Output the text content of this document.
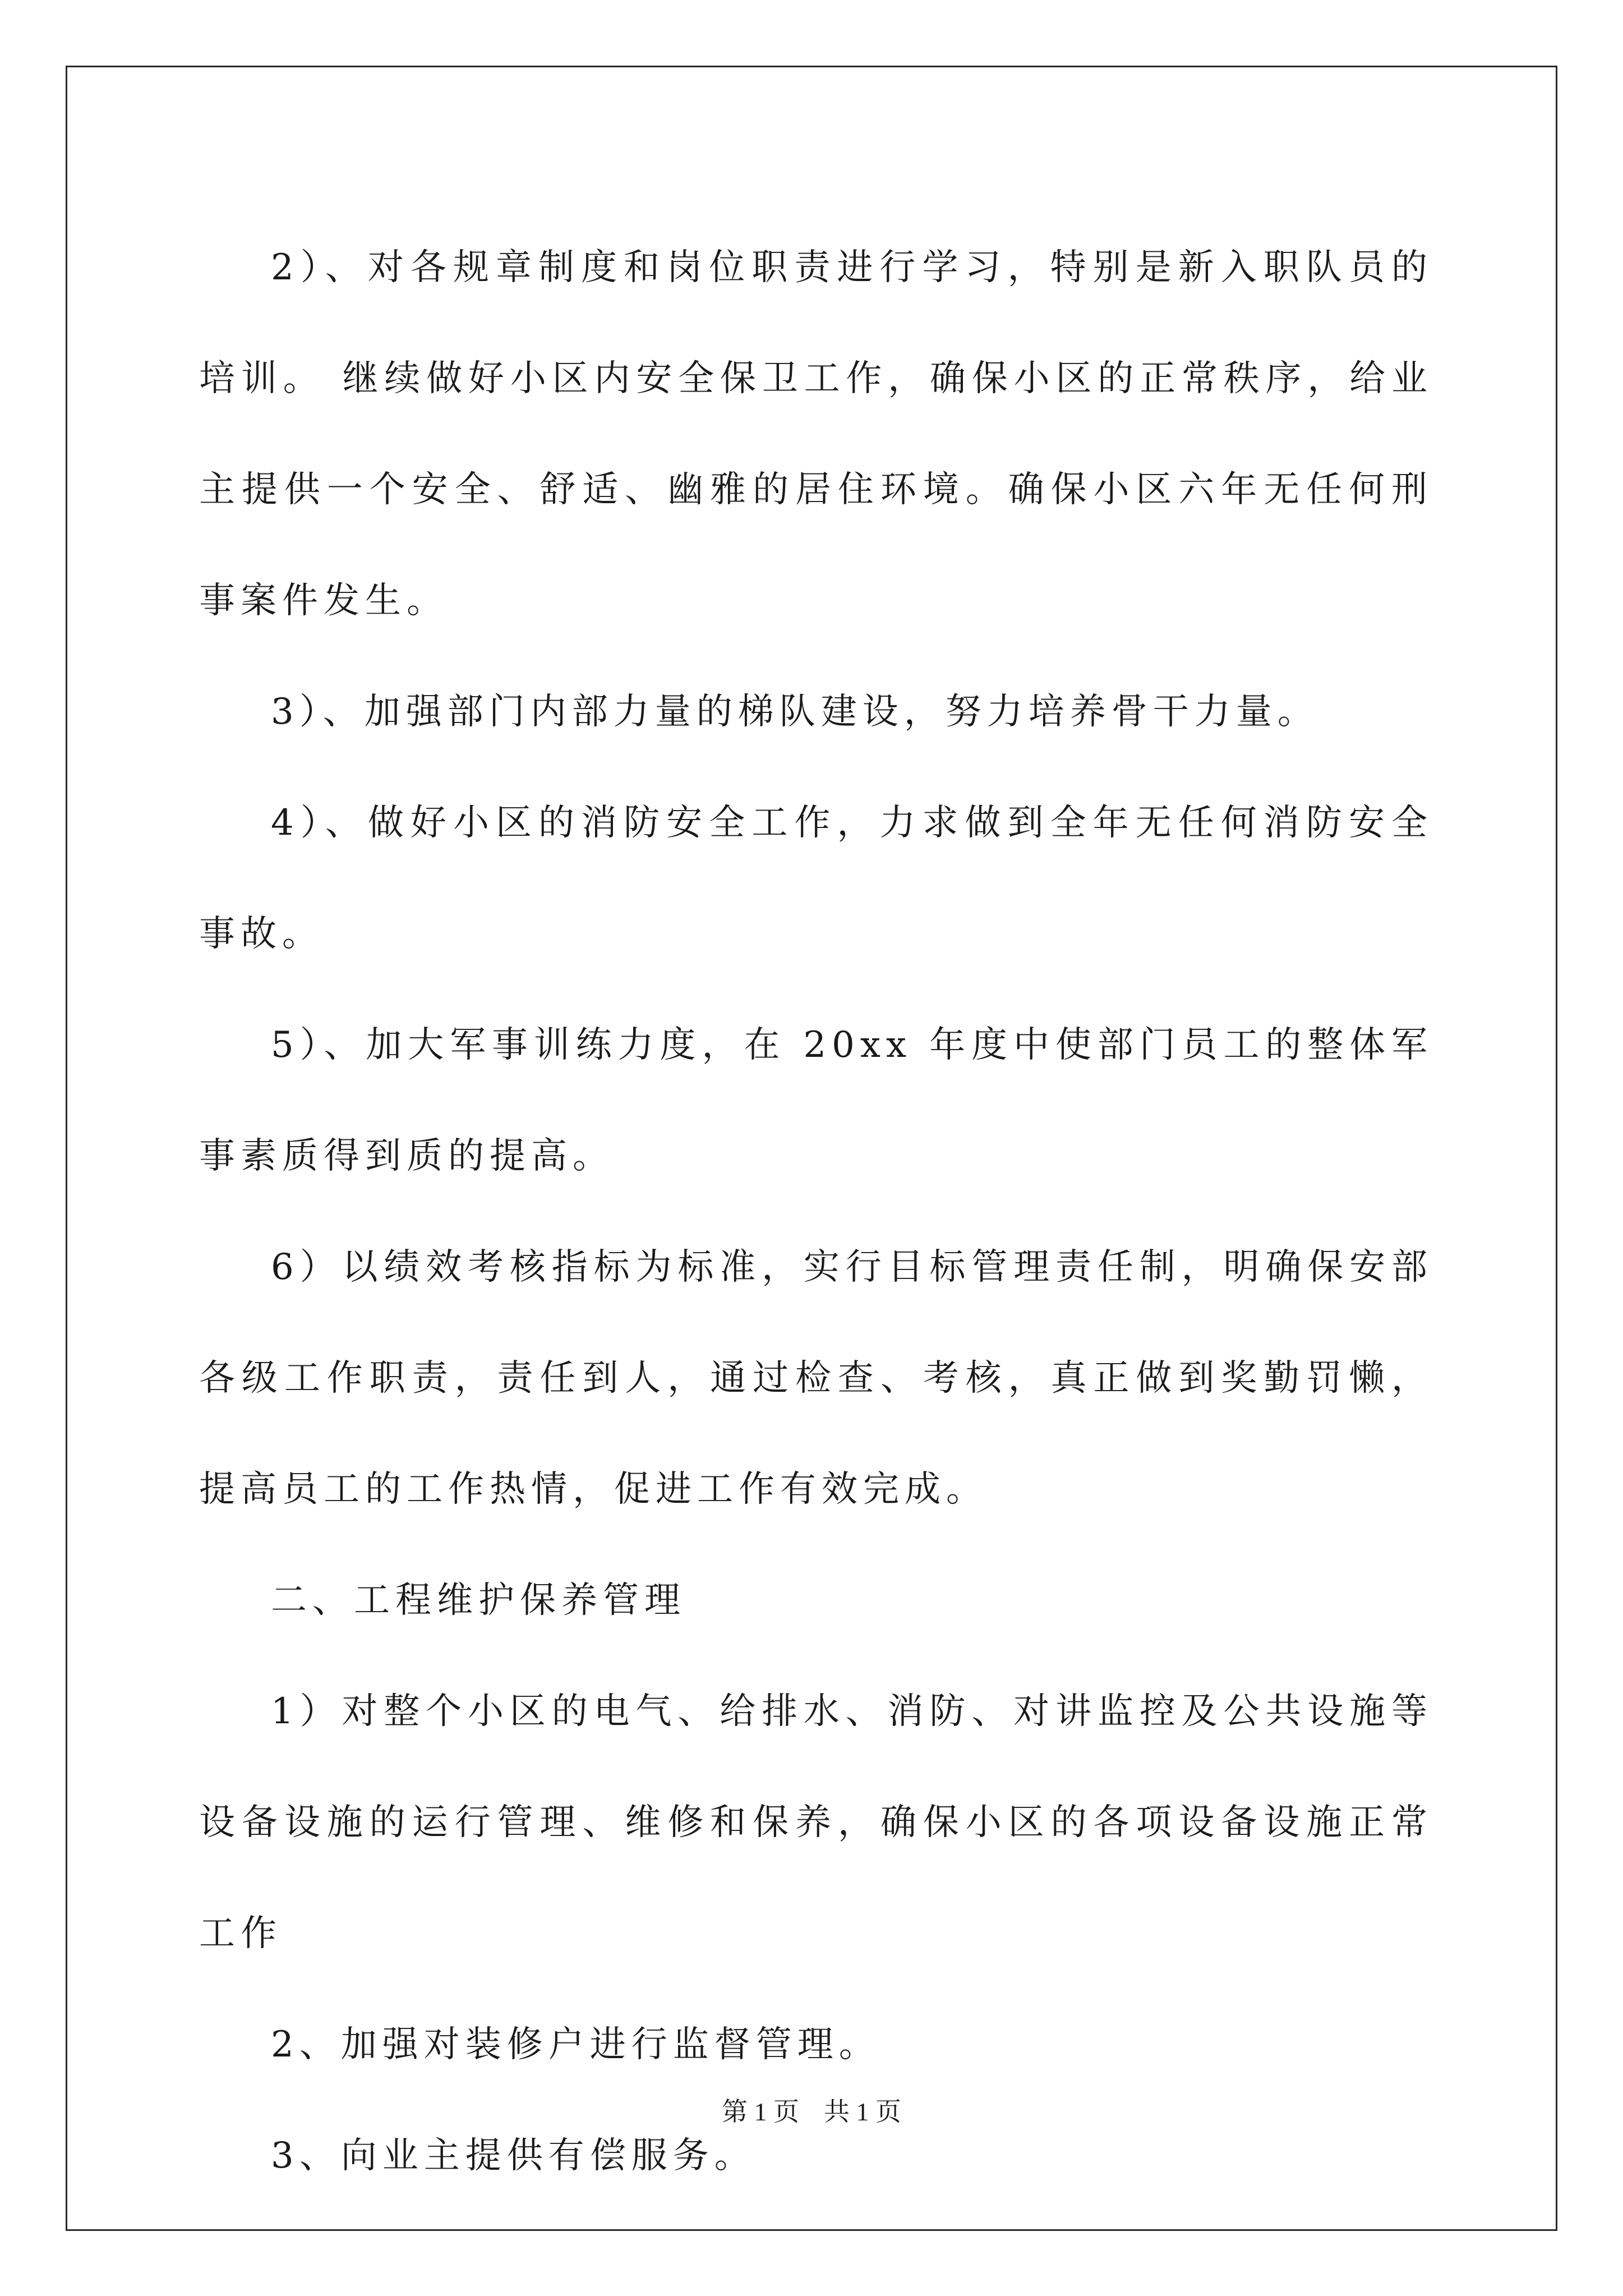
2）、对各规章制度和岗位职责进行学习，特别是新入职队员的培训。 继续做好小区内安全保卫工作，确保小区的正常秩序，给业主提供一个安全、舒适、幽雅的居住环境。确保小区六年无任何刑事案件发生。

3）、加强部门内部力量的梯队建设，努力培养骨干力量。

4）、做好小区的消防安全工作，力求做到全年无任何消防安全事故。

5）、加大军事训练力度，在 20xx 年度中使部门员工的整体军事素质得到质的提高。

6）以绩效考核指标为标准，实行目标管理责任制，明确保安部各级工作职责，责任到人，通过检查、考核，真正做到奖勤罚懒，提高员工的工作热情，促进工作有效完成。

二、工程维护保养管理

1）对整个小区的电气、给排水、消防、对讲监控及公共设施等设备设施的运行管理、维修和保养，确保小区的各项设备设施正常工作

2、加强对装修户进行监督管理。

3、向业主提供有偿服务。

第 1 页 共 1 页
